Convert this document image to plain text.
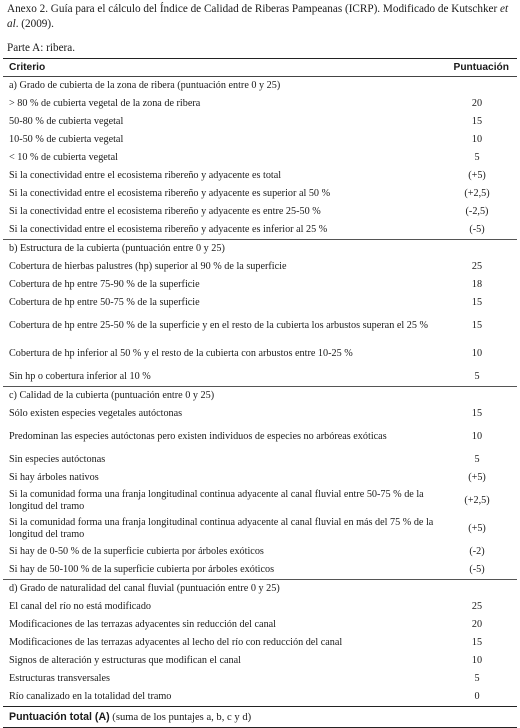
Anexo 2. Guía para el cálculo del Índice de Calidad de Riberas Pampeanas (ICRP). Modificado de Kutschker et al. (2009).
Parte A: ribera.
Criterio	Puntuación
a) Grado de cubierta de la zona de ribera (puntuación entre 0 y 25)
> 80 % de cubierta vegetal de la zona de ribera	20
50-80 % de cubierta vegetal	15
10-50 % de cubierta vegetal	10
< 10 % de cubierta vegetal	5
Si la conectividad entre el ecosistema ribereño y adyacente es total	(+5)
Si la conectividad entre el ecosistema ribereño y adyacente es superior al 50 %	(+2,5)
Si la conectividad entre el ecosistema ribereño y adyacente es entre 25-50 %	(-2,5)
Si la conectividad entre el ecosistema ribereño y adyacente es inferior al 25 %	(-5)
b) Estructura de la cubierta (puntuación entre 0 y 25)
Cobertura de hierbas palustres (hp) superior al 90 % de la superficie	25
Cobertura de hp entre 75-90 % de la superficie	18
Cobertura de hp entre 50-75 % de la superficie	15
Cobertura de hp entre 25-50 % de la superficie y en el resto de la cubierta los arbustos superan el 25 %	15
Cobertura de hp inferior al 50 % y el resto de la cubierta con arbustos entre 10-25 %	10
Sin hp o cobertura inferior al 10 %	5
c) Calidad de la cubierta (puntuación entre 0 y 25)
Sólo existen especies vegetales autóctonas	15
Predominan las especies autóctonas pero existen individuos de especies no arbóreas exóticas	10
Sin especies autóctonas	5
Si hay árboles nativos	(+5)
Si la comunidad forma una franja longitudinal continua adyacente al canal fluvial entre 50-75 % de la longitud del tramo
(+2,5)
Si la comunidad forma una franja longitudinal continua adyacente al canal fluvial en más del 75 % de la longitud del tramo
(+5)
Si hay de 0-50 % de la superficie cubierta por árboles exóticos	(-2)
Si hay de 50-100 % de la superficie cubierta por árboles exóticos	(-5)
d) Grado de naturalidad del canal fluvial (puntuación entre 0 y 25)
El canal del río no está modificado	25
Modificaciones de las terrazas adyacentes sin reducción del canal	20
Modificaciones de las terrazas adyacentes al lecho del río con reducción del canal	15
Signos de alteración y estructuras que modifican el canal	10
Estructuras transversales	5
Río canalizado en la totalidad del tramo	0
Puntuación total (A) (suma de los puntajes a, b, c y d)
